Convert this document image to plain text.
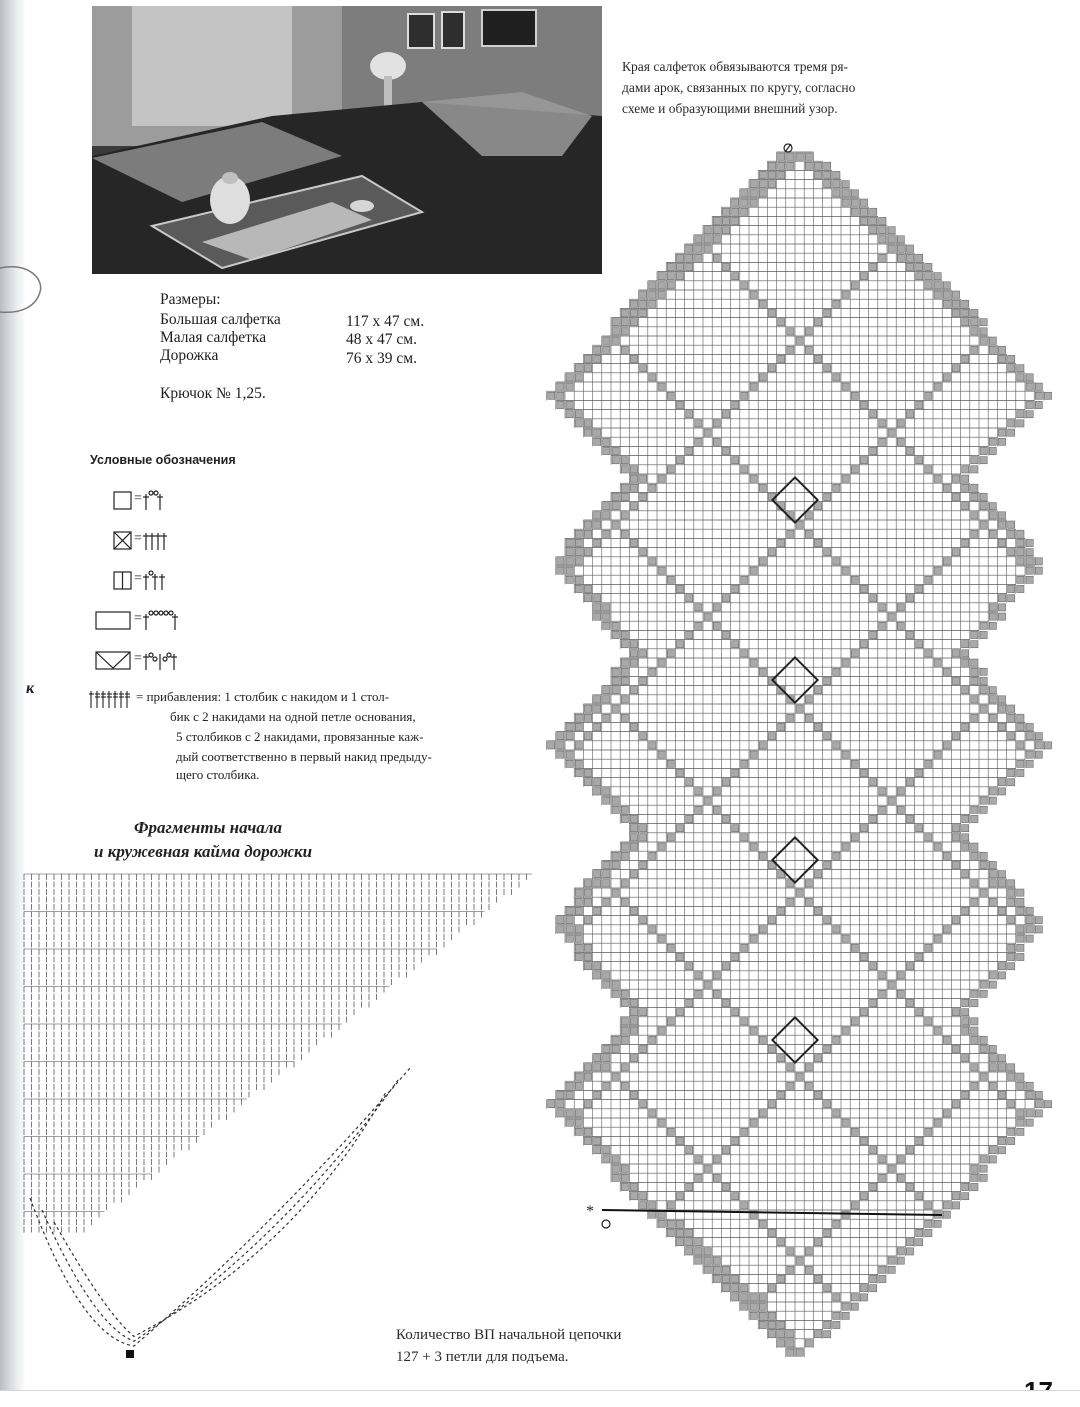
Края салфеток обвязываются тремя ря-
дами арок, связанных по кругу, согласно
схеме и образующими внешний узор.
Размеры:
Большая салфетка	117 х 47 см.
Малая салфетка	48 х 47 см.
Дорожка	76 х 39 см.
Крючок № 1,25.
Условные обозначения
=
=
=
=
=
= прибавления: 1 столбик с накидом и 1 стол-
бик с 2 накидами на одной петле основания,
5 столбиков с 2 накидами, провязанные каж-
дый соответственно в первый накид предыду-
щего столбика.
к
Фрагменты начала
и кружевная кайма дорожки
*
Количество ВП начальной цепочки
127 + 3 петли для подъема.
